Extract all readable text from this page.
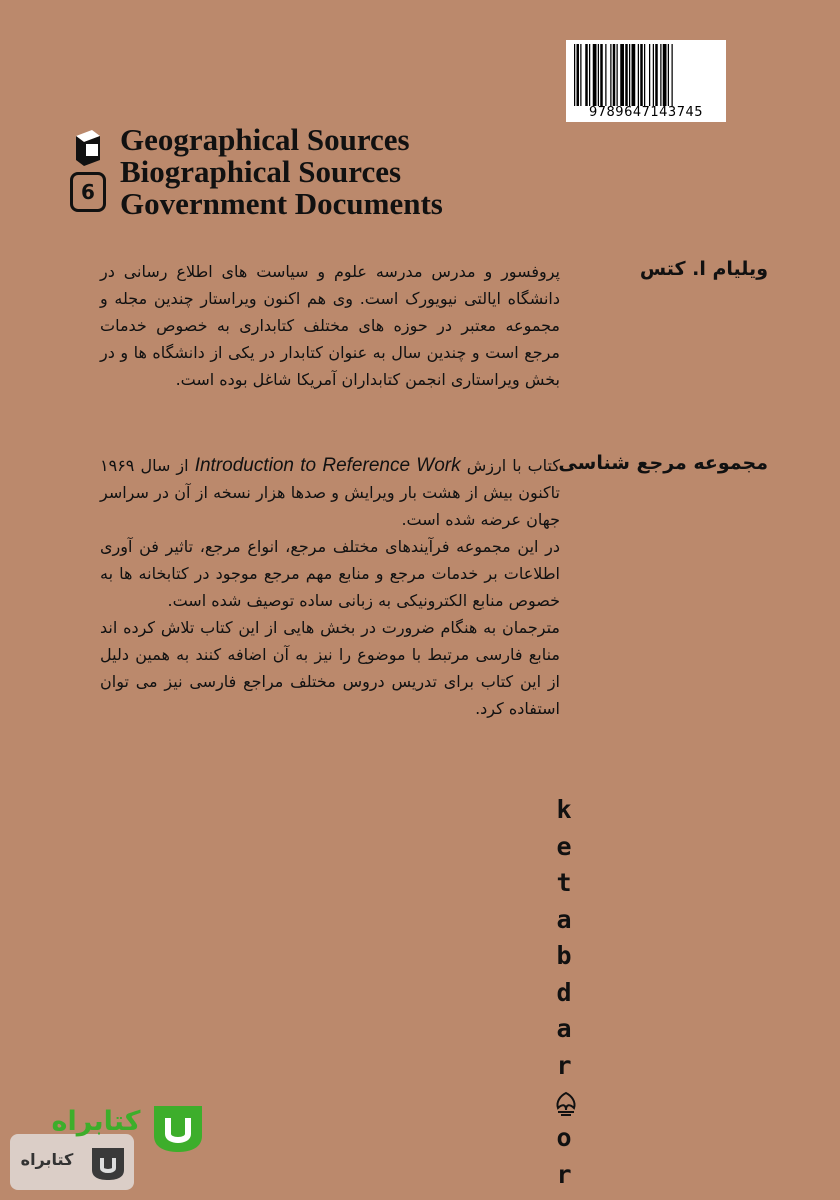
9789647143745
6
Geographical Sources
Biographical Sources
Government Documents
ویلیام ا. کتس

پروفسور و مدرس مدرسه علوم و سیاست های اطلاع رسانی در دانشگاه ایالتی نیویورک است. وی هم اکنون ویراستار چندین مجله و مجموعه معتبر در حوزه های مختلف کتابداری به خصوص خدمات مرجع است و چندین سال به عنوان کتابدار در یکی از دانشگاه ها و در بخش ویراستاری انجمن کتابداران آمریکا شاغل بوده است.

مجموعه مرجع شناسی

کتاب با ارزش Introduction to Reference Work از سال ۱۹۶۹ تاکنون بیش از هشت بار ویرایش و صدها هزار نسخه از آن در سراسر جهان عرضه شده است.

در این مجموعه فرآیندهای مختلف مرجع، انواع مرجع، تاثیر فن آوری اطلاعات بر خدمات مرجع و منابع مهم مرجع موجود در کتابخانه ها به خصوص منابع الکترونیکی به زبانی ساده توصیف شده است.

مترجمان به هنگام ضرورت در بخش هایی از این کتاب تلاش کرده اند منابع فارسی مرتبط با موضوع را نیز به آن اضافه کنند به همین دلیل از این کتاب برای تدریس دروس مختلف مراجع فارسی نیز می توان استفاده کرد.

k
e
t
a
b
d
a
r
o
r
کتابراه
کتابراه
